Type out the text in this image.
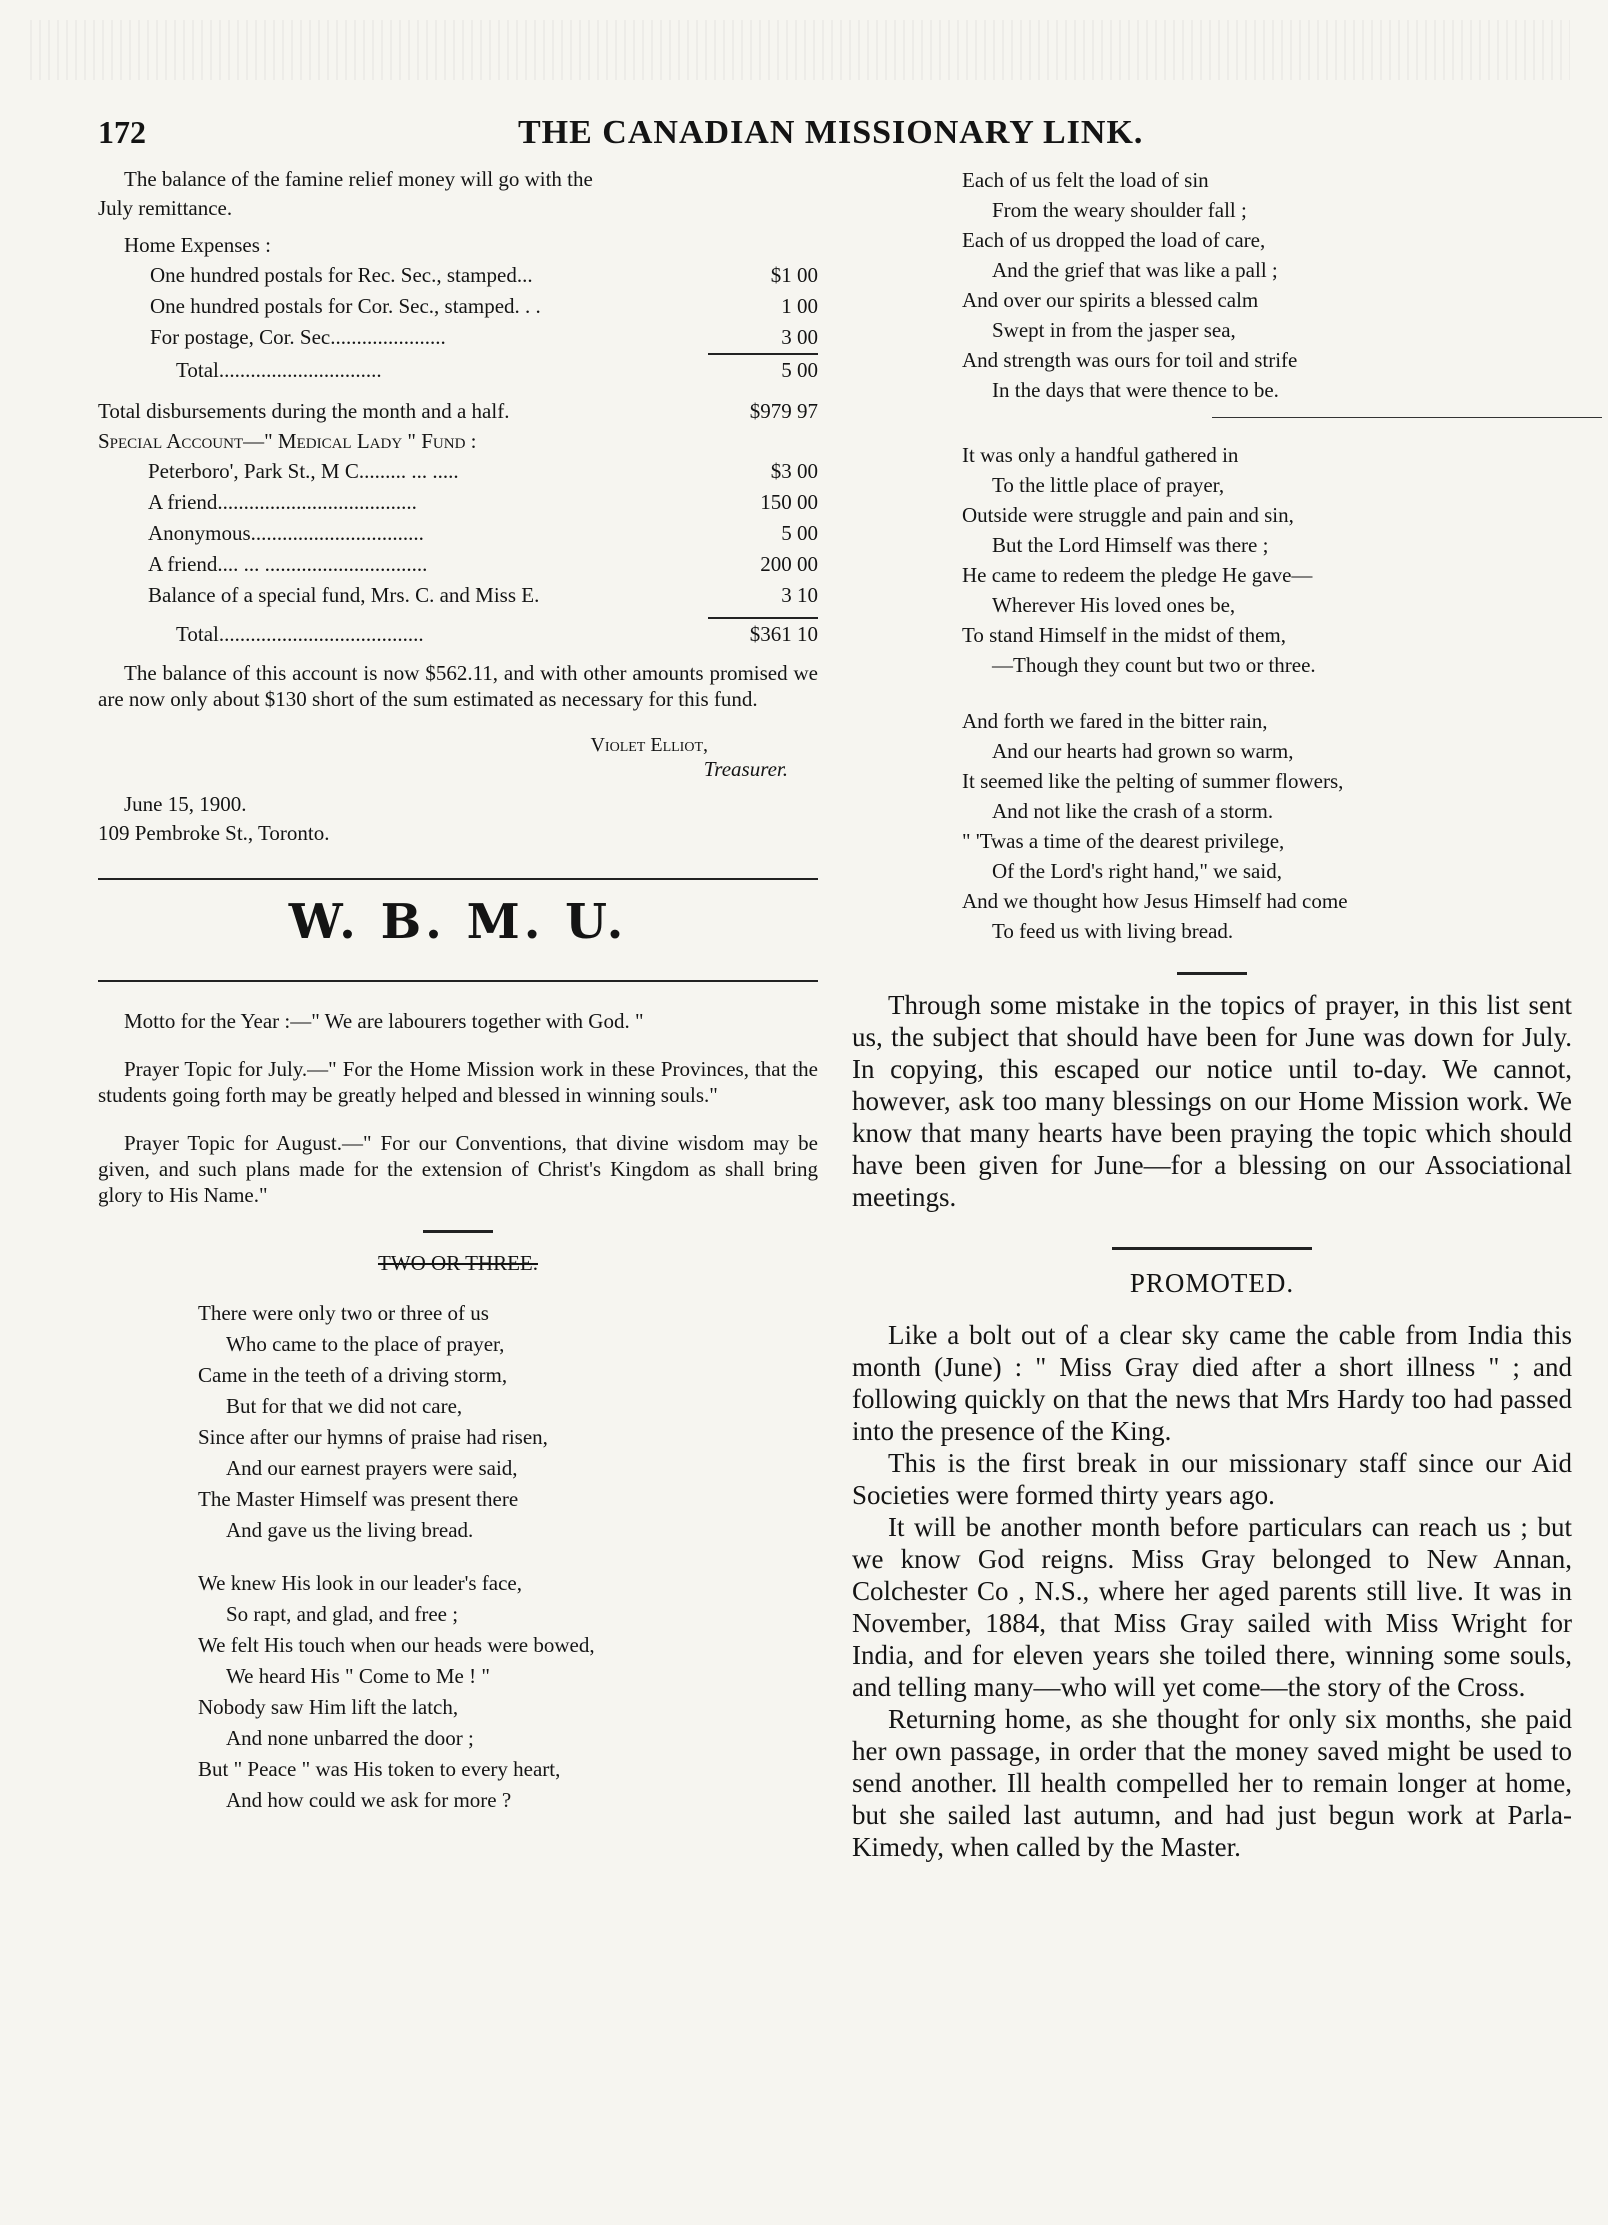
172	THE CANADIAN MISSIONARY LINK.
The balance of the famine relief money will go with the
July remittance.
Home Expenses :
One hundred postals for Rec. Sec., stamped...	$1 00
One hundred postals for Cor. Sec., stamped. . .	1 00
For postage, Cor. Sec......................	3 00
Total...............................	5 00
Total disbursements during the month and a half.	$979 97
Special Account—" Medical Lady " Fund :
Peterboro', Park St., M C......... ... .....	$3 00
A friend......................................	150 00
Anonymous.................................	5 00
A friend.... ... ...............................	200 00
Balance of a special fund, Mrs. C. and Miss E.	3 10
Total.......................................	$361 10

The balance of this account is now $562.11, and with other amounts promised we are now only about $130 short of the sum estimated as necessary for this fund.

Violet Elliot,
Treasurer.
June 15, 1900.
109 Pembroke St., Toronto.
W. B. M. U.

Motto for the Year :—" We are labourers together with God. "

Prayer Topic for July.—" For the Home Mission work in these Provinces, that the students going forth may be greatly helped and blessed in winning souls."

Prayer Topic for August.—" For our Conventions, that divine wisdom may be given, and such plans made for the extension of Christ's Kingdom as shall bring glory to His Name."

TWO OR THREE.
There were only two or three of us
Who came to the place of prayer,
Came in the teeth of a driving storm,
But for that we did not care,
Since after our hymns of praise had risen,
And our earnest prayers were said,
The Master Himself was present there
And gave us the living bread.
We knew His look in our leader's face,
So rapt, and glad, and free ;
We felt His touch when our heads were bowed,
We heard His " Come to Me ! "
Nobody saw Him lift the latch,
And none unbarred the door ;
But " Peace " was His token to every heart,
And how could we ask for more ?
Each of us felt the load of sin
From the weary shoulder fall ;
Each of us dropped the load of care,
And the grief that was like a pall ;
And over our spirits a blessed calm
Swept in from the jasper sea,
And strength was ours for toil and strife
In the days that were thence to be.
It was only a handful gathered in
To the little place of prayer,
Outside were struggle and pain and sin,
But the Lord Himself was there ;
He came to redeem the pledge He gave—
Wherever His loved ones be,
To stand Himself in the midst of them,
—Though they count but two or three.
And forth we fared in the bitter rain,
And our hearts had grown so warm,
It seemed like the pelting of summer flowers,
And not like the crash of a storm.
" 'Twas a time of the dearest privilege,
Of the Lord's right hand," we said,
And we thought how Jesus Himself had come
To feed us with living bread.

Through some mistake in the topics of prayer, in this list sent us, the subject that should have been for June was down for July. In copying, this escaped our notice until to-day. We cannot, however, ask too many blessings on our Home Mission work. We know that many hearts have been praying the topic which should have been given for June—for a blessing on our Associational meetings.

PROMOTED.

Like a bolt out of a clear sky came the cable from India this month (June) : " Miss Gray died after a short illness " ; and following quickly on that the news that Mrs Hardy too had passed into the presence of the King.

This is the first break in our missionary staff since our Aid Societies were formed thirty years ago.

It will be another month before particulars can reach us ; but we know God reigns. Miss Gray belonged to New Annan, Colchester Co , N.S., where her aged parents still live. It was in November, 1884, that Miss Gray sailed with Miss Wright for India, and for eleven years she toiled there, winning some souls, and telling many—who will yet come—the story of the Cross.

Returning home, as she thought for only six months, she paid her own passage, in order that the money saved might be used to send another. Ill health compelled her to remain longer at home, but she sailed last autumn, and had just begun work at Parla-Kimedy, when called by the Master.
